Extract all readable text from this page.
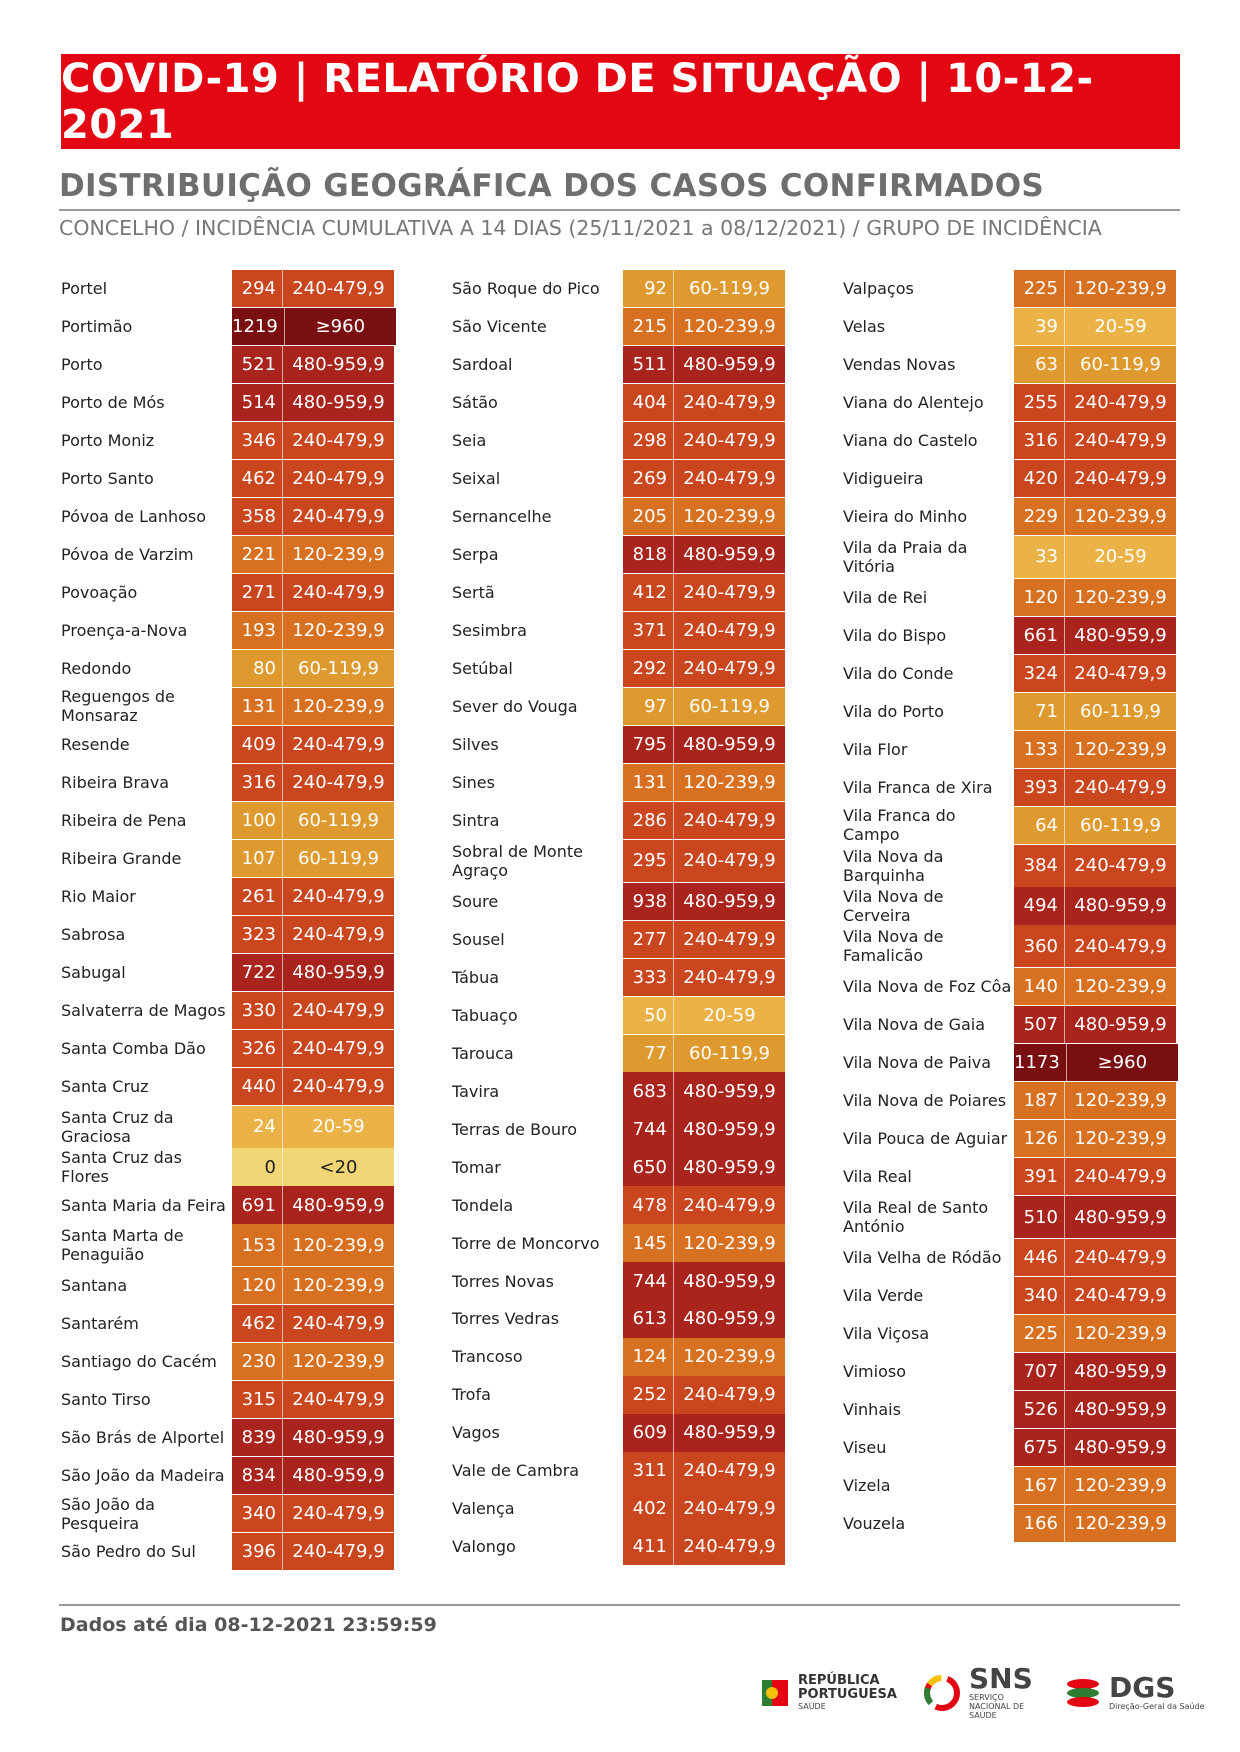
COVID-19 | RELATÓRIO DE SITUAÇÃO | 10-12-2021
DISTRIBUIÇÃO GEOGRÁFICA DOS CASOS CONFIRMADOS
CONCELHO / INCIDÊNCIA CUMULATIVA A 14 DIAS (25/11/2021 a 08/12/2021) / GRUPO DE INCIDÊNCIA
Portel	294 240-479,9
Portimão	1219	≥960
Porto	521 480-959,9
Porto de Mós	514 480-959,9
Porto Moniz	346 240-479,9
Porto Santo	462 240-479,9
Póvoa de Lanhoso	358 240-479,9
Póvoa de Varzim	221 120-239,9
Povoação	271 240-479,9
Proença-a-Nova	193 120-239,9
Redondo	80	60-119,9
Reguengos de Monsaraz	131 120-239,9
Resende	409 240-479,9
Ribeira Brava	316 240-479,9
Ribeira de Pena	100	60-119,9
Ribeira Grande	107	60-119,9
Rio Maior	261 240-479,9
Sabrosa	323 240-479,9
Sabugal	722 480-959,9
Salvaterra de Magos 330 240-479,9
Santa Comba Dão	326 240-479,9
Santa Cruz	440 240-479,9
Santa Cruz da Graciosa	24	20-59
Santa Cruz das Flores	0	<20
Santa Maria da Feira 691 480-959,9
Santa Marta de Penaguião	153 120-239,9
Santana	120 120-239,9
Santarém	462 240-479,9
Santiago do Cacém	230 120-239,9
Santo Tirso	315 240-479,9
São Brás de Alportel 839 480-959,9
São João da Madeira 834 480-959,9
São João da Pesqueira	340 240-479,9
São Pedro do Sul	396 240-479,9
São Roque do Pico	92	60-119,9
São Vicente	215 120-239,9
Sardoal	511 480-959,9
Sátão	404 240-479,9
Seia	298 240-479,9
Seixal	269 240-479,9
Sernancelhe	205 120-239,9
Serpa	818 480-959,9
Sertã	412 240-479,9
Sesimbra	371 240-479,9
Setúbal	292 240-479,9
Sever do Vouga	97	60-119,9
Silves	795 480-959,9
Sines	131 120-239,9
Sintra	286 240-479,9
Sobral de Monte Agraço	295 240-479,9
Soure	938 480-959,9
Sousel	277 240-479,9
Tábua	333 240-479,9
Tabuaço	50	20-59
Tarouca	77	60-119,9
Tavira	683 480-959,9
Terras de Bouro	744 480-959,9
Tomar	650 480-959,9
Tondela	478 240-479,9
Torre de Moncorvo	145 120-239,9
Torres Novas	744 480-959,9
Torres Vedras	613 480-959,9
Trancoso	124 120-239,9
Trofa	252 240-479,9
Vagos	609 480-959,9
Vale de Cambra	311 240-479,9
Valença	402 240-479,9
Valongo	411 240-479,9
Valpaços	225 120-239,9
Velas	39	20-59
Vendas Novas	63	60-119,9
Viana do Alentejo	255 240-479,9
Viana do Castelo	316 240-479,9
Vidigueira	420 240-479,9
Vieira do Minho	229 120-239,9
Vila da Praia da Vitória	33	20-59
Vila de Rei	120 120-239,9
Vila do Bispo	661 480-959,9
Vila do Conde	324 240-479,9
Vila do Porto	71	60-119,9
Vila Flor	133 120-239,9
Vila Franca de Xira	393 240-479,9
Vila Franca do Campo	64	60-119,9
Vila Nova da Barquinha	384 240-479,9
Vila Nova de Cerveira	494 480-959,9
Vila Nova de Famalicão	360 240-479,9
Vila Nova de Foz Côa 140 120-239,9
Vila Nova de Gaia	507 480-959,9
Vila Nova de Paiva	1173	≥960
Vila Nova de Poiares 187 120-239,9
Vila Pouca de Aguiar 126 120-239,9
Vila Real	391 240-479,9
Vila Real de Santo António	510 480-959,9
Vila Velha de Ródão	446 240-479,9
Vila Verde	340 240-479,9
Vila Viçosa	225 120-239,9
Vimioso	707 480-959,9
Vinhais	526 480-959,9
Viseu	675 480-959,9
Vizela	167 120-239,9
Vouzela	166 120-239,9
Dados até dia 08-12-2021 23:59:59
REPÚBLICA
PORTUGUESA
SAÚDE
SNS
SERVIÇO NACIONAL DE SAÚDE
DGS
Direção-Geral da Saúde
